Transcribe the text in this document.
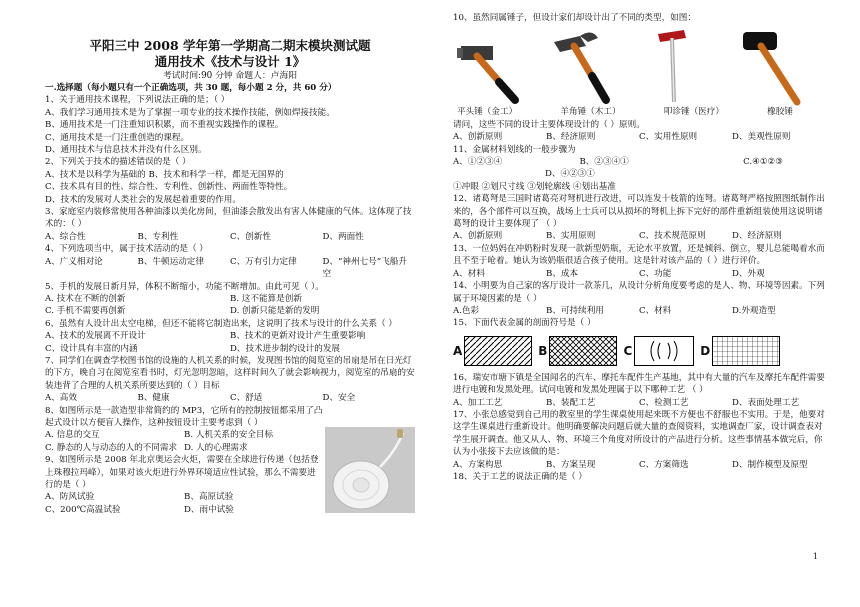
平阳三中 2008 学年第一学期高二期末模块测试题
通用技术《技术与设计 1》
考试时间:90 分钟 命题人：卢海阳
一.选择题（每小题只有一个正确选项，共 30 题，每小题 2 分，共 60 分）
1、关于通用技术课程，下列说法正确的是；（ ）
A、我们学习通用技术是为了掌握一项专业的技术操作技能，例如焊接技能。
B、通用技术是一门注重知识积累，而不重视实践操作的课程。
C、通用技术是一门注重创造的课程。
D、通用技术与信息技术并没有什么区别。
2、下列关于技术的描述错误的是（ ）
A、技术是以科学为基础的 B、技术和科学一样，都是无国界的
C、技术具有目的性、综合性、专利性、创新性、两面性等特性。
D、技术的发展对人类社会的发展起着重要的作用。
3、家庭室内装修常使用各种油漆以美化房间，但油漆会散发出有害人体健康的气体。这体现了技术的：（ ）
A、综合性	B、专利性	C、创新性	D、两面性
4、下列选项当中，属于技术活动的是（ ）
A、广义相对论	B、牛顿运动定律	C、万有引力定律	D、“神州七号”飞船升空
5、手机的发展日新月异，体积不断缩小，功能不断增加。由此可见（ ）。
A. 技术在不断的创新	B. 这不能算是创新
C. 手机不需要再创新	D. 创新只能是新的发明
6、虽然有人设计出太空电梯，但还不能将它制造出来，这说明了技术与设计的什么关系（ ）
A、技术的发展离不开设计	B、技术的更新对设计产生重要影响
C、设计具有丰富的内涵	D、技术进步制约设计的发展
7、同学们在调查学校图书馆的设施的人机关系的时候，发现图书馆的阅览室的吊扇是吊在日光灯的下方，晚自习在阅览室看书时，灯光忽明忽暗，这样时间久了就会影响视力，阅览室的吊扇的安装违背了合理的人机关系所要达到的（ ）目标
A、高效	B、健康	C、舒适	D、安全
8、如图所示是一款造型非常简约的 MP3，它所有的控制按钮都采用了凸起式设计以方便盲人操作，这种按钮设计主要考虑到（ ）
A. 信息的交互	B. 人机关系的安全目标
C. 静态的人与动态的人的不同需求 D. 人的心理需求
9、如图所示是 2008 年北京奥运会火炬，需要在全球进行传递（包括登上珠穆拉玛峰），如果对该火炬进行外界环境适应性试验，那么不需要进行的是（ ）
A、防风试验	B、高原试验
C、200℃高温试验	D、雨中试验
10、虽然同属锤子，但设计家们却设计出了不同的类型，如图：
平头锤（金工）	羊角锤（木工）	叩诊锤（医疗）	橡胶锤
请问，这些不同的设计主要体现设计的（ ）原则。
A、创新原则	B、经济原则	C、实用性原则	D、美观性原则
11、金属材料划线的一般步骤为
A、①②③④	B、②③④①	C.④①②③
D、④②③①
①冲眼 ②划尺寸线 ③划轮廓线 ④划出基准
12、诸葛弩是三国时诸葛亮对弩机进行改进，可以连发十枝箭的连弩。诸葛弩严格按照图纸制作出来的，各个部件可以互换，战场上士兵可以从损坏的弩机上拆下完好的部件重新组装使用这说明诸葛弩的设计主要体现了 （ ）
A、创新原则	B、实用原则	C、技术规范原则	D、经济原则
13、一位妈妈在冲奶粉时发现一款新型奶瓶，无论水平放置，还是倾斜、倒立，婴儿总能喝着水而且不至于呛着。她认为该奶瓶很适合孩子使用。这是针对该产品的（ ）进行评价。
A、材料	B、成本	C、功能	D、外观
14、小明要为自己家的客厅设计一款茶几，从设计分析角度要考虑的是人、物、环境等因素。下列属于环境因素的是（ ）
A.色彩	B、可持续利用	C、材料	D.外观造型
15、下面代表金属的剖面符号是（ ）
A	B	C	D
16、瑞安市塘下镇是全国闻名的汽车、摩托车配件生产基地，其中有大量的汽车及摩托车配件需要进行电镀和发黑处理。试问电镀和发黑处理属于以下哪种工艺 （ ）
A、加工工艺	B、装配工艺	C、检测工艺	D、表面处理工艺
17、小张总感觉到自己用的教室里的学生课桌使用起来既不方便也不舒服也不实用。于是，他要对这学生课桌进行重新设计。他明确要解决问题后就大量的查阅资料，实地调查厂家，设计调查表对学生展开调查。他又从人、物、环境三个角度对所设计的产品进行分析。这些事情基本做完后，你认为小张接下去应该做的是：
A、方案构思	B、方案呈现	C、方案筛选	D、制作模型及原型
18、关于工艺的说法正确的是（ ）
1
